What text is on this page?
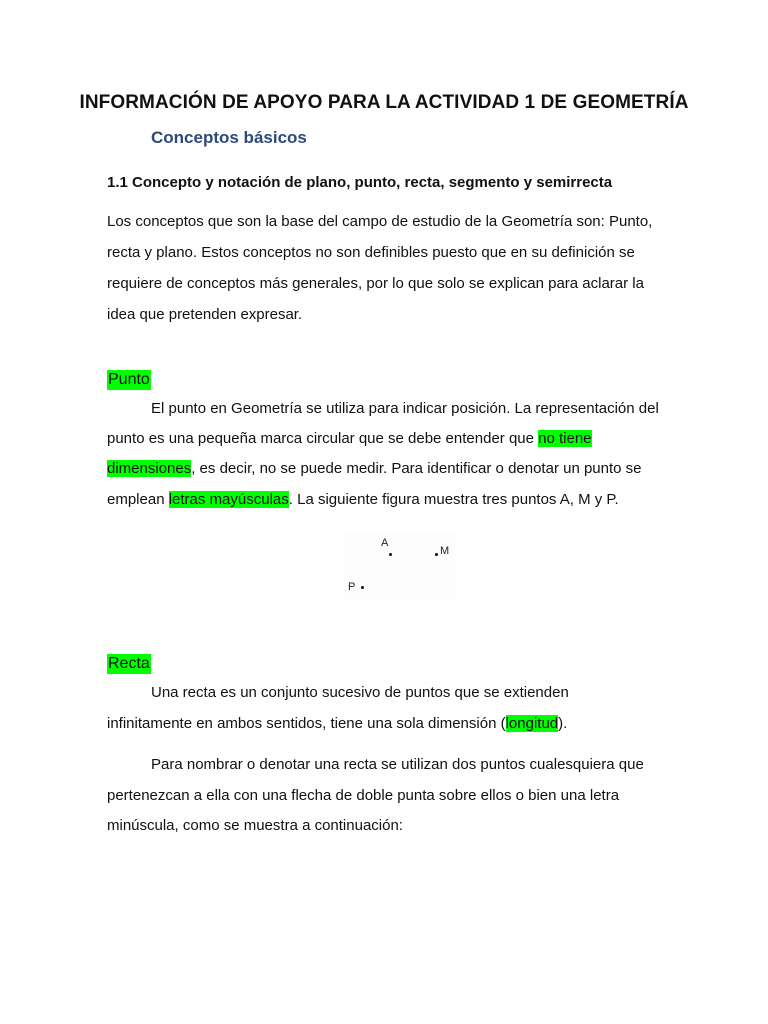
INFORMACIÓN DE APOYO PARA LA ACTIVIDAD 1 DE GEOMETRÍA
Conceptos básicos
1.1 Concepto y notación de plano, punto, recta, segmento y semirrecta
Los conceptos que son la base del campo de estudio de la Geometría son: Punto,
recta y plano. Estos conceptos no son definibles puesto que en su definición se
requiere de conceptos más generales, por lo que solo se explican para aclarar la
idea que pretenden expresar.
Punto
El punto en Geometría se utiliza para indicar posición. La representación del
punto es una pequeña marca circular que se debe entender que no tiene
dimensiones, es decir, no se puede medir. Para identificar o denotar un punto se
emplean letras mayúsculas. La siguiente figura muestra tres puntos A, M y P.
A
M
P
Recta
Una recta es un conjunto sucesivo de puntos que se extienden
infinitamente en ambos sentidos, tiene una sola dimensión (longitud).
Para nombrar o denotar una recta se utilizan dos puntos cualesquiera que
pertenezcan a ella con una flecha de doble punta sobre ellos o bien una letra
minúscula, como se muestra a continuación:
